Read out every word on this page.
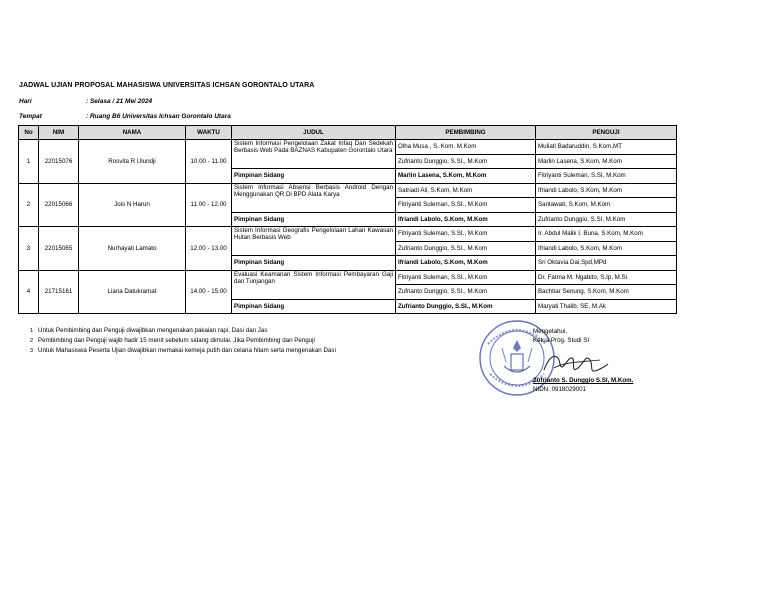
JADWAL UJIAN PROPOSAL MAHASISWA UNIVERSITAS ICHSAN GORONTALO UTARA
Hari	: Selasa / 21 Mei 2024
Tempat	: Ruang B6 Universitas Ichsan Gorontalo Utara
No	NIM	NAMA	WAKTU	JUDUL	PEMBIMBING	PENGUJI
1	22015076	Rosvita R Ulundji	10.00 - 11.00	Sistem Informasi Pengelolaan Zakat Infaq Dan Sedekah Berbasis Web Pada BAZNAS Kabupaten Gorontalo Utara	Olha Musa , S. Kom. M.Kom	Muliati Badaruddin, S.Kom,MT
					Zufrianto Dunggio, S.SI., M.Kom	Marlin Lasena, S.Kom, M.Kom
				Pimpinan Sidang	Marlin Lasena, S.Kom, M.Kom	Fitriyanti Suleman, S.SI, M.Kom
2	22015066	Jois N Harun	11.00 - 12.00	Sistem Informasi Absensi Berbasis Android Dengan Menggunakan QR Di BPD Alata Karya	Satriadi Ali, S.Kom, M.Kom	Ifriandi Labolo, S.Kom, M.Kom
					Fitriyanti Suleman, S.SI., M.Kom	Santawati, S.Kom, M.Kom
				Pimpinan Sidang	Ifriandi Labolo, S.Kom, M.Kom	Zufrianto Dunggio, S.SI, M.Kom
3	22015065	Nurhayati Lamato	12.00 - 13.00	Sistem Informasi Geografis Pengelolaan Lahan Kawasan Hutan Berbasis Web	Fitriyanti Suleman, S.SI., M.Kom	Ir. Abdul Malik I. Buna, S.Kom, M.Kom
					Zufrianto Dunggio, S.SI., M.Kom	Ifriandi Labolo, S.Kom, M.Kom
				Pimpinan Sidang	Ifriandi Labolo, S.Kom, M.Kom	Sri Oktavia Dai,Spd,MPd
4	21715161	Liana Datukramat	14.00 - 15.00	Evaluasi Keamanan Sistem Informasi Pembayaran Gaji dan Tunjangan	Fitriyanti Suleman, S.SI., M.Kom	Dr. Fatma M. Ngabito, S.Ip, M.Si
					Zufrianto Dunggio, S.SI., M.Kom	Bachtiar Senung, S.Kom, M.Kom
				Pimpinan Sidang	Zufrianto Dunggio, S.SI., M.Kom	Maryati Thalib, SE, M.Ak
1 Untuk Pembimbing dan Penguji diwajibkan mengenakan pakaian rapi, Dasi dan Jas
2 Pembimbing dan Penguji wajib hadir 15 menit sebelum sidang dimulai. Jika Pembimbing dan Penguji
3 Untuk Mahasiswa Peserta Ujian diwajibkan memakai kemeja putih dan celana hitam serta mengenakan Dasi
Mengetahui,
Ketua Prog. Studi SI
Zufrianto S. Dunggio S.SI, M.Kom.
NIDN. 0918029001
